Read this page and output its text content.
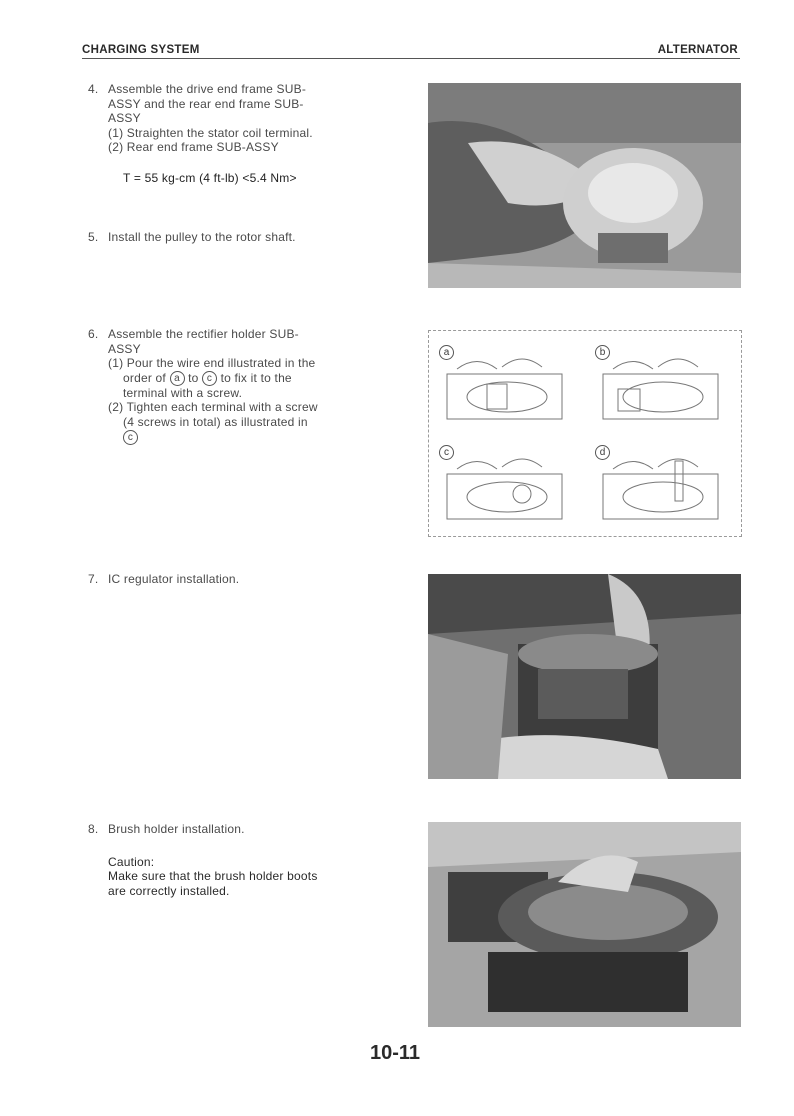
CHARGING SYSTEM	ALTERNATOR
4. Assemble the drive end frame SUB-
ASSY and the rear end frame SUB-
ASSY
(1) Straighten the stator coil terminal.
(2) Rear end frame SUB-ASSY
T = 55 kg-cm (4 ft-lb) <5.4 Nm>
5. Install the pulley to the rotor shaft.
6. Assemble the rectifier holder SUB-
ASSY
(1) Pour the wire end illustrated in the
order of a to c to fix it to the
terminal with a screw.
(2) Tighten each terminal with a screw
(4 screws in total) as illustrated in
c
a	b
c	d
7. IC regulator installation.
8. Brush holder installation.
Caution:
Make sure that the brush holder boots
are correctly installed.
10-11
